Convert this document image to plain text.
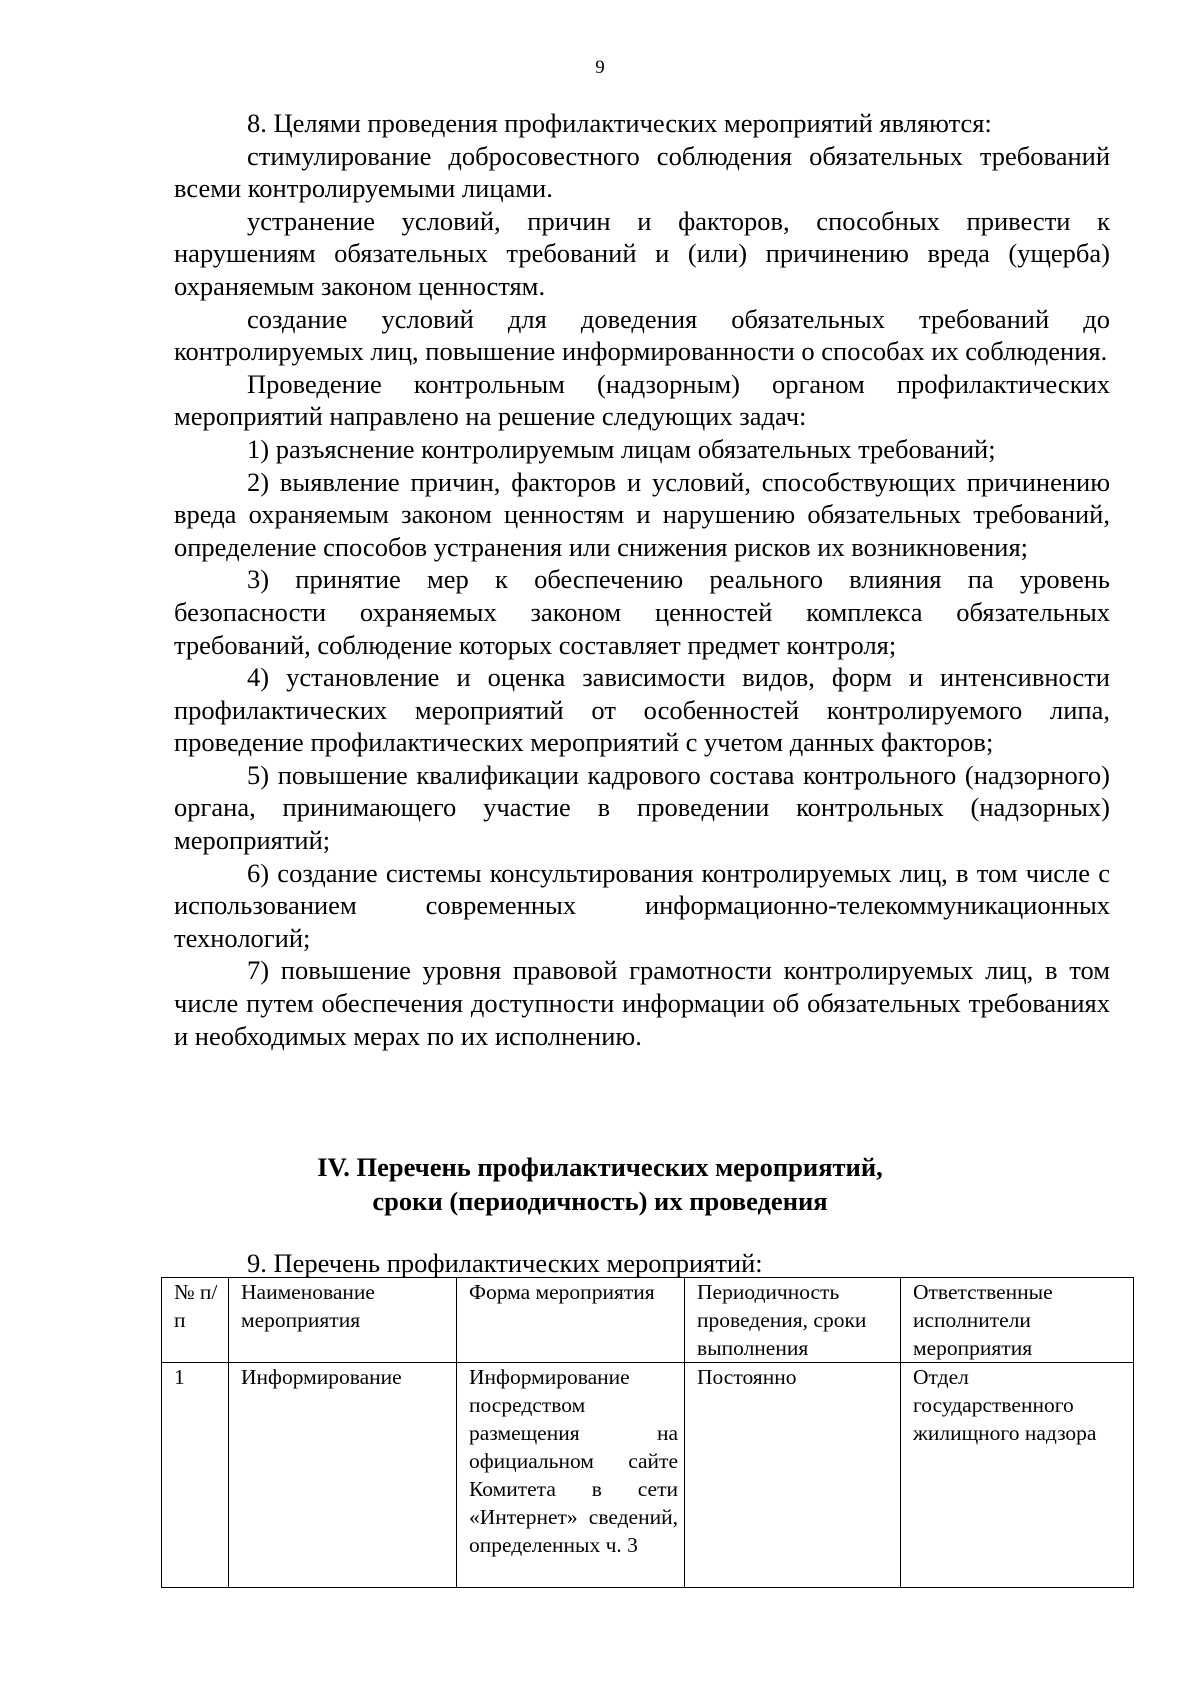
9

8. Целями проведения профилактических мероприятий являются:

стимулирование добросовестного соблюдения обязательных требований всеми контролируемыми лицами.

устранение условий, причин и факторов, способных привести к нарушениям обязательных требований и (или) причинению вреда (ущерба) охраняемым законом ценностям.

создание условий для доведения обязательных требований до контролируемых лиц, повышение информированности о способах их соблюдения.

Проведение контрольным (надзорным) органом профилактических мероприятий направлено на решение следующих задач:

1) разъяснение контролируемым лицам обязательных требований;

2) выявление причин, факторов и условий, способствующих причинению вреда охраняемым законом ценностям и нарушению обязательных требований, определение способов устранения или снижения рисков их возникновения;

3) принятие мер к обеспечению реального влияния па уровень безопасности охраняемых законом ценностей комплекса обязательных требований, соблюдение которых составляет предмет контроля;

4) установление и оценка зависимости видов, форм и интенсивности профилактических мероприятий от особенностей контролируемого липа, проведение профилактических мероприятий с учетом данных факторов;

5) повышение квалификации кадрового состава контрольного (надзорного) органа, принимающего участие в проведении контрольных (надзорных) мероприятий;

6) создание системы консультирования контролируемых лиц, в том числе с использованием современных информационно-телекоммуникационных технологий;

7) повышение уровня правовой грамотности контролируемых лиц, в том числе путем обеспечения доступности информации об обязательных требованиях и необходимых мерах по их исполнению.

IV. Перечень профилактических мероприятий,
сроки (периодичность) их проведения
9. Перечень профилактических мероприятий:
№ п/п	Наименование мероприятия	Форма мероприятия	Периодичность проведения, сроки выполнения	Ответственные исполнители мероприятия
1	Информирование	Информирование посредством размещения на официальном сайте Комитета в сети «Интернет» сведений, определенных ч. 3	Постоянно	Отдел государственного жилищного надзора
